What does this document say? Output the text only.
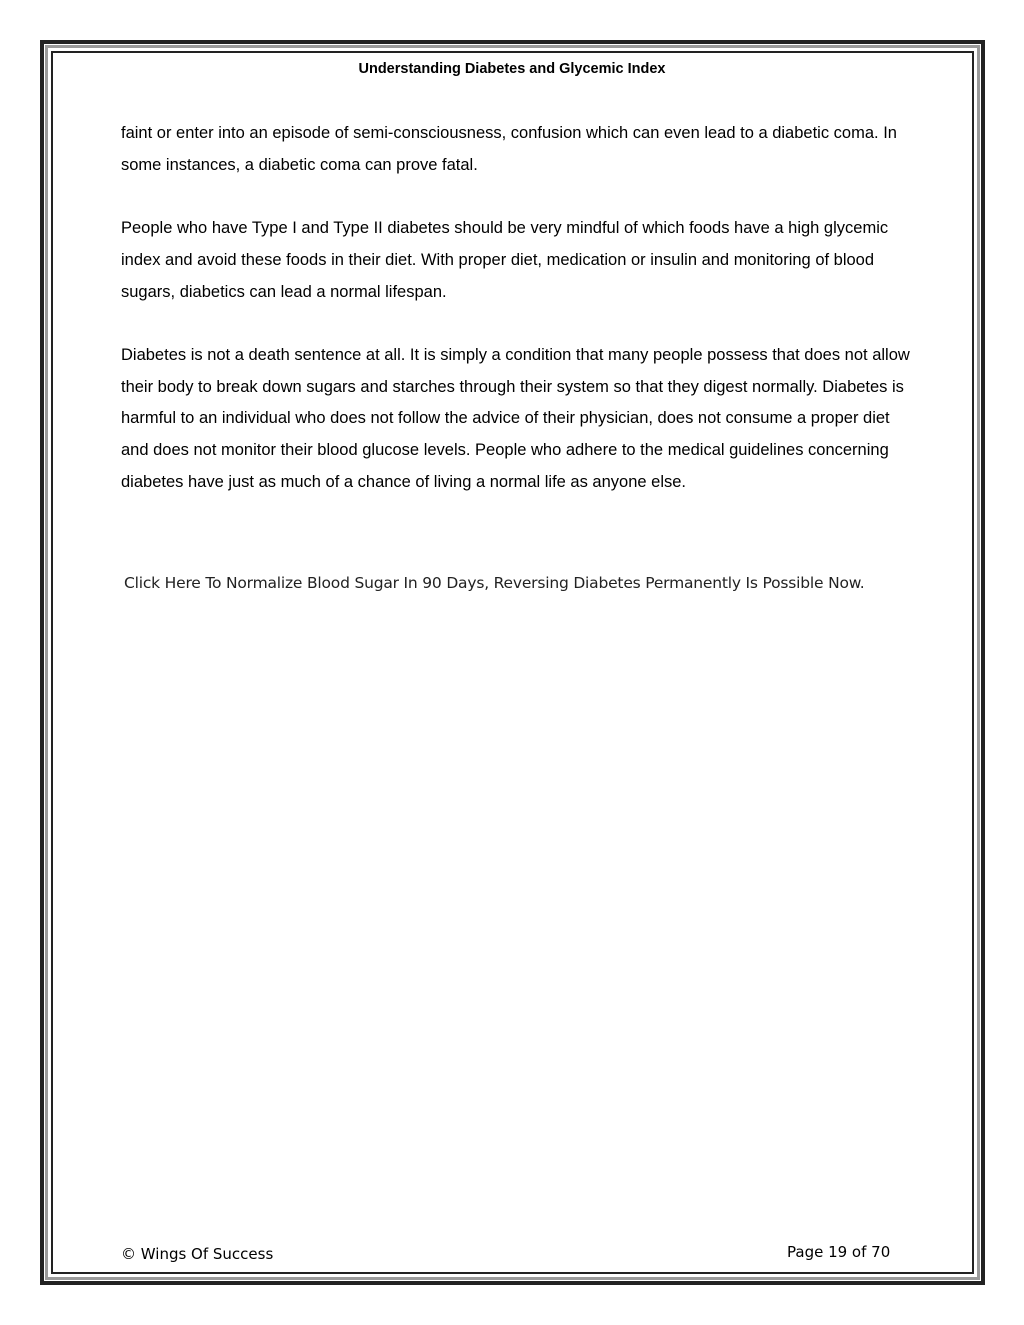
Understanding Diabetes and Glycemic Index

faint or enter into an episode of semi-consciousness, confusion which can even lead to a diabetic coma. In some instances, a diabetic coma can prove fatal.

People who have Type I and Type II diabetes should be very mindful of which foods have a high glycemic index and avoid these foods in their diet. With proper diet, medication or insulin and monitoring of blood sugars, diabetics can lead a normal lifespan.

Diabetes is not a death sentence at all. It is simply a condition that many people possess that does not allow their body to break down sugars and starches through their system so that they digest normally. Diabetes is harmful to an individual who does not follow the advice of their physician, does not consume a proper diet and does not monitor their blood glucose levels. People who adhere to the medical guidelines concerning diabetes have just as much of a chance of living a normal life as anyone else.

Click Here To Normalize Blood Sugar In 90 Days, Reversing Diabetes Permanently Is Possible Now.
© Wings Of Success	Page 19 of 70
